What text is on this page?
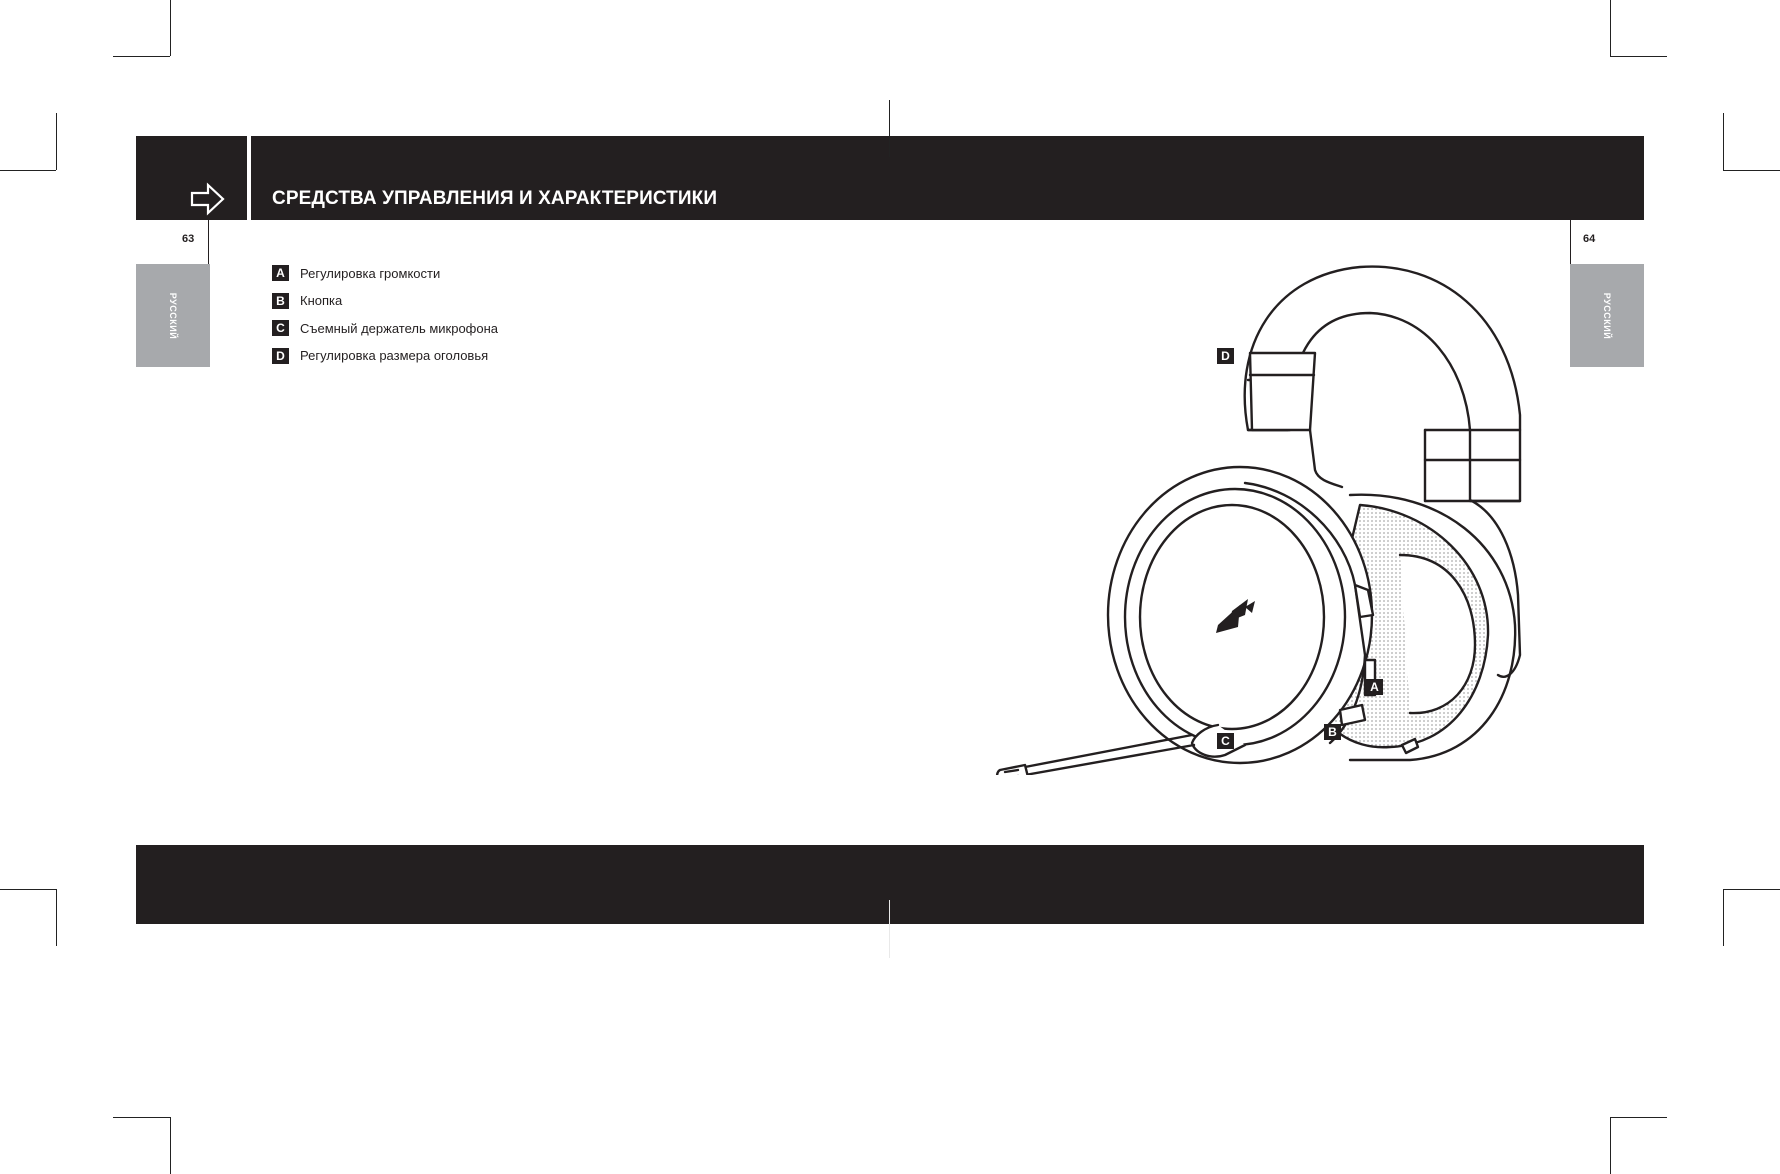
СРЕДСТВА УПРАВЛЕНИЯ И ХАРАКТЕРИСТИКИ
63	64
РУССКИЙ	РУССКИЙ
A	Регулировка громкости
B	Кнопка
C	Съемный держатель микрофона
D	Регулировка размера оголовья	D
A
B
C
